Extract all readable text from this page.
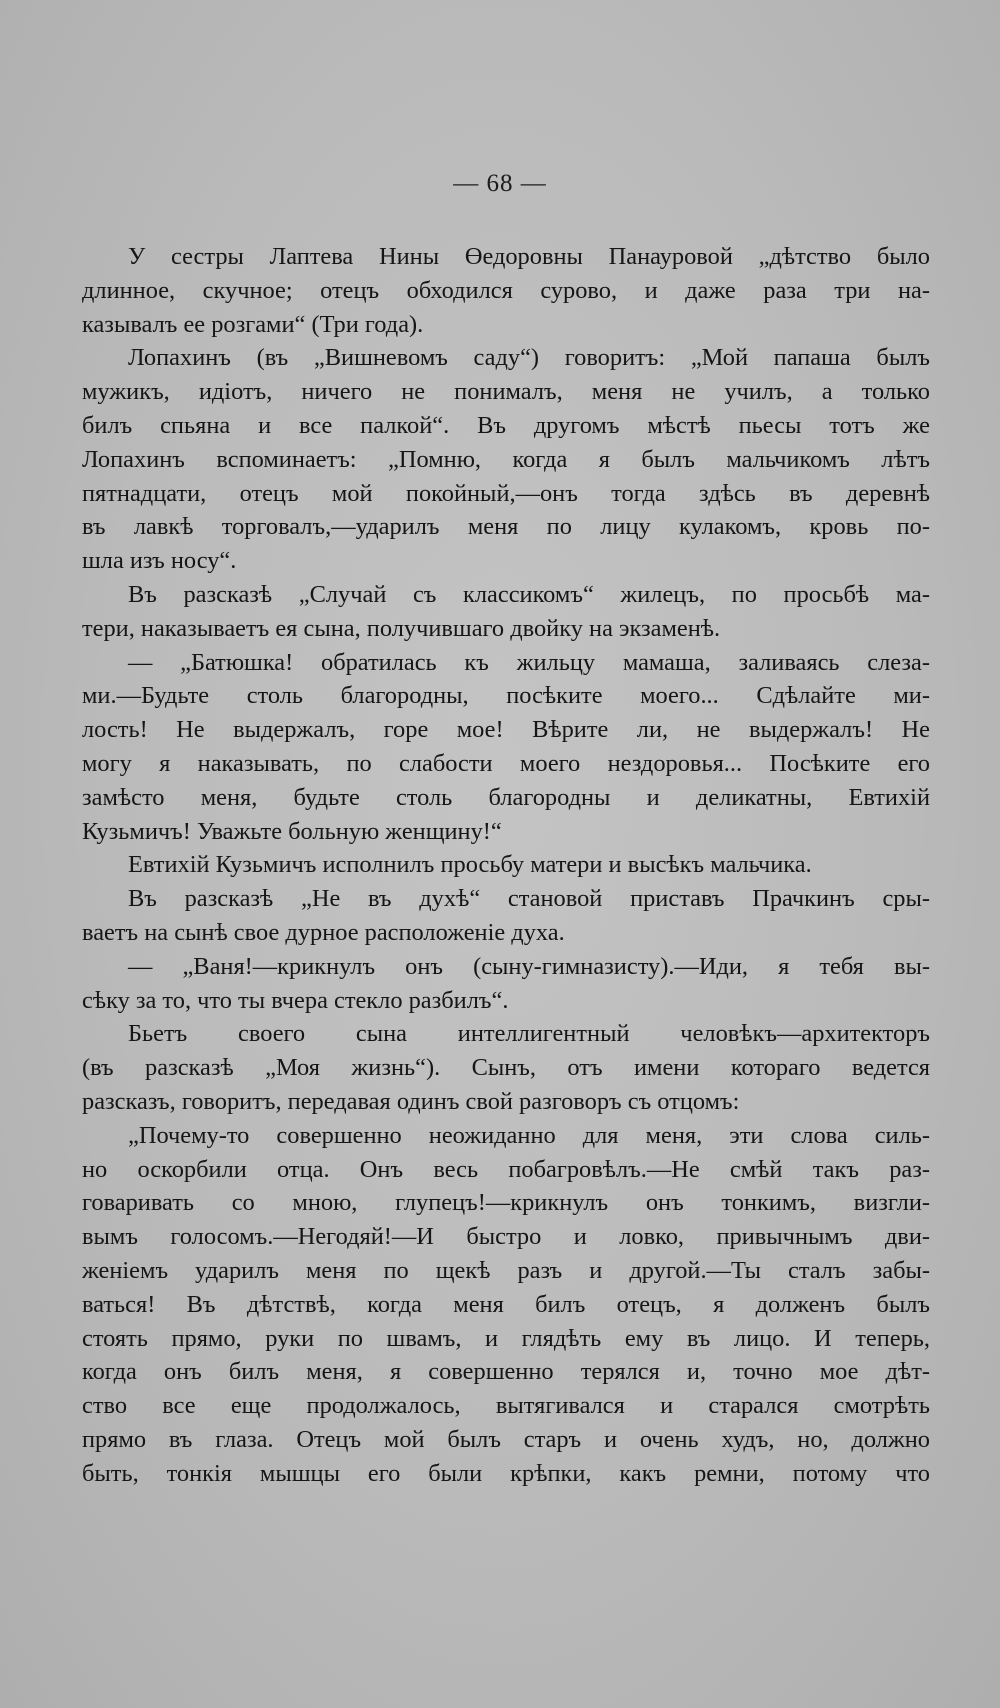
— 68 —
У сестры Лаптева Нины Өедоровны Панауровой „дѣтство было
длинное, скучное; отецъ обходился сурово, и даже раза три на-
казывалъ ее розгами“ (Три года).
Лопахинъ (въ „Вишневомъ саду“) говоритъ: „Мой папаша былъ
мужикъ, идіотъ, ничего не понималъ, меня не училъ, а только
билъ спьяна и все палкой“. Въ другомъ мѣстѣ пьесы тотъ же
Лопахинъ вспоминаетъ: „Помню, когда я былъ мальчикомъ лѣтъ
пятнадцати, отецъ мой покойный,—онъ тогда здѣсь въ деревнѣ
въ лавкѣ торговалъ,—ударилъ меня по лицу кулакомъ, кровь по-
шла изъ носу“.
Въ разсказѣ „Случай съ классикомъ“ жилецъ, по просьбѣ ма-
тери, наказываетъ ея сына, получившаго двойку на экзаменѣ.
— „Батюшка! обратилась къ жильцу мамаша, заливаясь слеза-
ми.—Будьте столь благородны, посѣките моего... Сдѣлайте ми-
лость! Не выдержалъ, горе мое! Вѣрите ли, не выдержалъ! Не
могу я наказывать, по слабости моего нездоровья... Посѣките его
замѣсто меня, будьте столь благородны и деликатны, Евтихій
Кузьмичъ! Уважьте больную женщину!“
Евтихій Кузьмичъ исполнилъ просьбу матери и высѣкъ мальчика.
Въ разсказѣ „Не въ духѣ“ становой приставъ Прачкинъ сры-
ваетъ на сынѣ свое дурное расположеніе духа.
— „Ваня!—крикнулъ онъ (сыну-гимназисту).—Иди, я тебя вы-
сѣку за то, что ты вчера стекло разбилъ“.
Бьетъ своего сына интеллигентный человѣкъ—архитекторъ
(въ разсказѣ „Моя жизнь“). Сынъ, отъ имени котораго ведется
разсказъ, говоритъ, передавая одинъ свой разговоръ съ отцомъ:
„Почему-то совершенно неожиданно для меня, эти слова силь-
но оскорбили отца. Онъ весь побагровѣлъ.—Не смѣй такъ раз-
говаривать со мною, глупецъ!—крикнулъ онъ тонкимъ, визгли-
вымъ голосомъ.—Негодяй!—И быстро и ловко, привычнымъ дви-
женіемъ ударилъ меня по щекѣ разъ и другой.—Ты сталъ забы-
ваться! Въ дѣтствѣ, когда меня билъ отецъ, я долженъ былъ
стоять прямо, руки по швамъ, и глядѣть ему въ лицо. И теперь,
когда онъ билъ меня, я совершенно терялся и, точно мое дѣт-
ство все еще продолжалось, вытягивался и старался смотрѣть
прямо въ глаза. Отецъ мой былъ старъ и очень худъ, но, должно
быть, тонкія мышцы его были крѣпки, какъ ремни, потому что
